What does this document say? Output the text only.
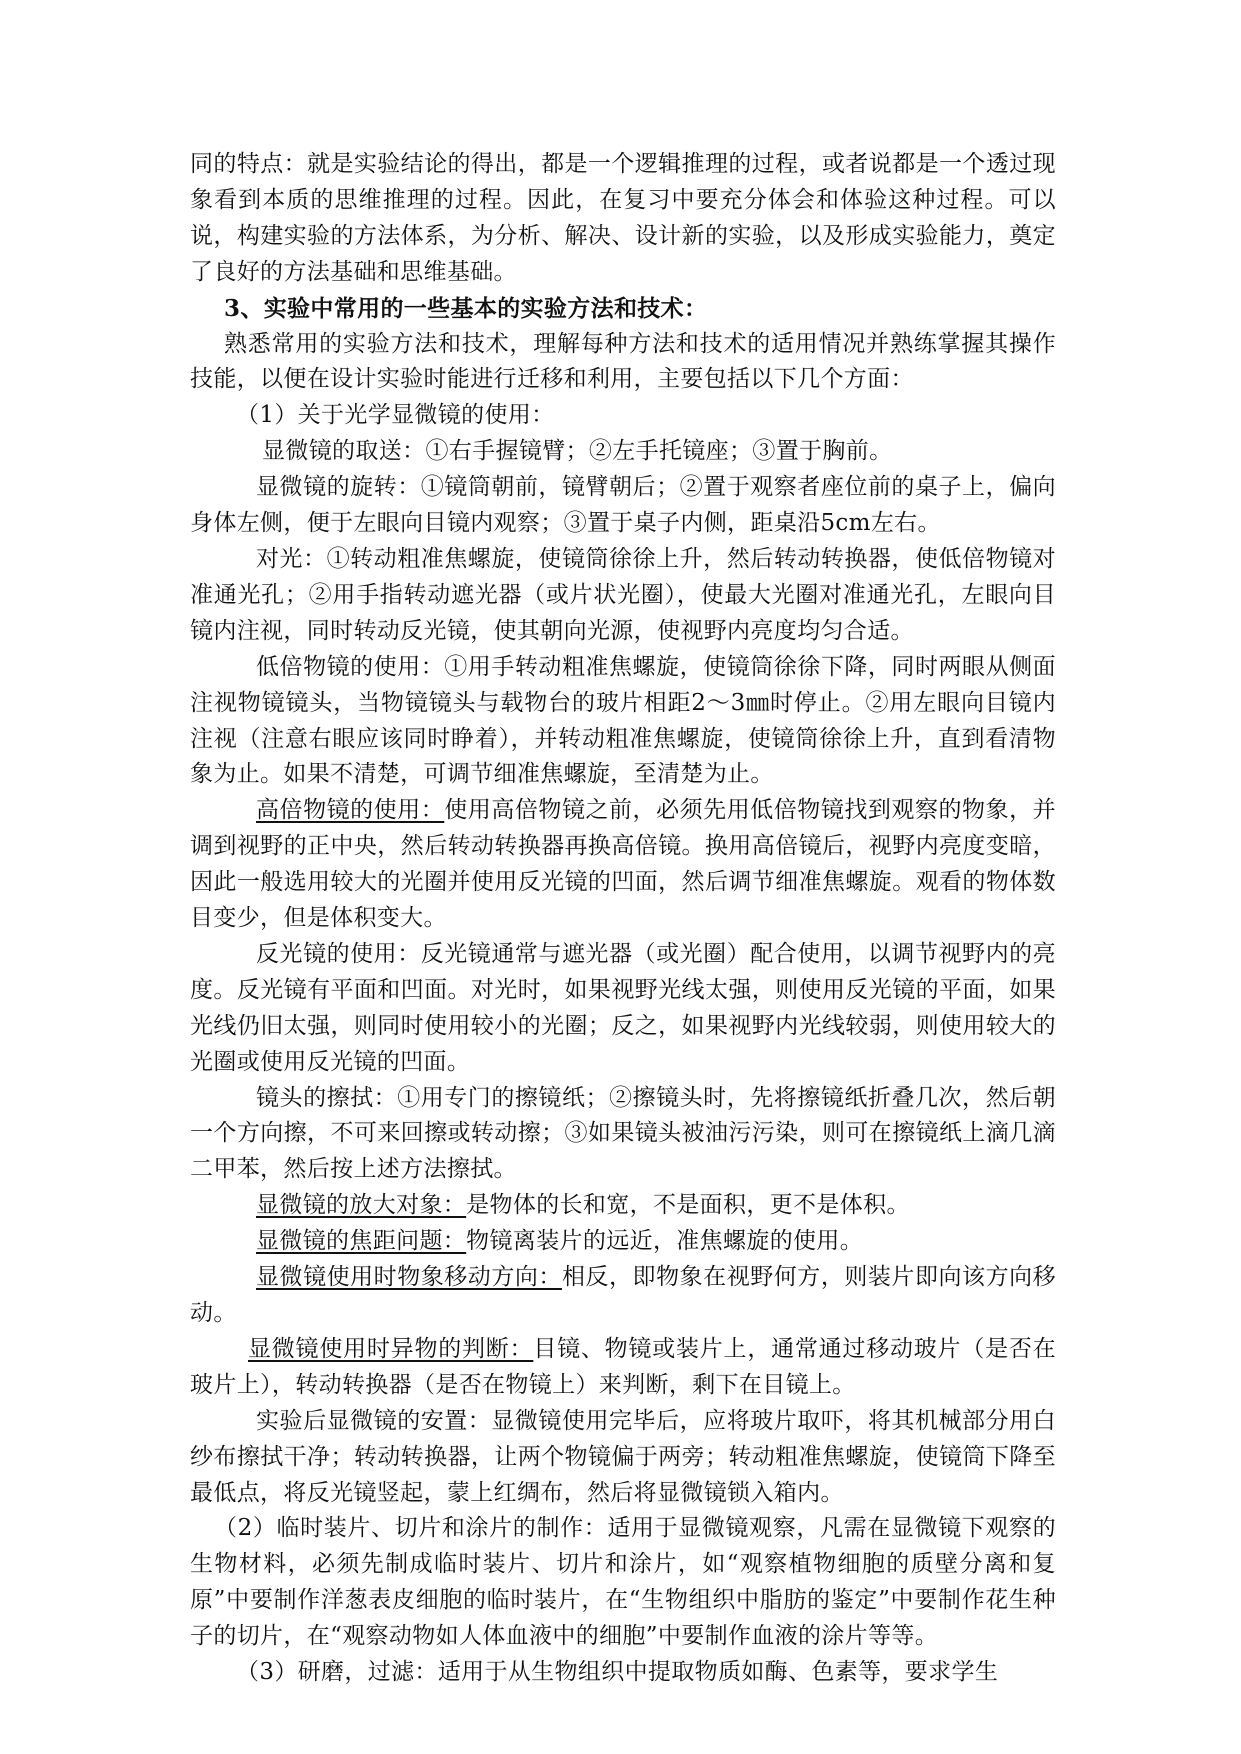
同的特点：就是实验结论的得出，都是一个逻辑推理的过程，或者说都是一个透过现象看到本质的思维推理的过程。因此，在复习中要充分体会和体验这种过程。可以说，构建实验的方法体系，为分析、解决、设计新的实验，以及形成实验能力，奠定了良好的方法基础和思维基础。

3、实验中常用的一些基本的实验方法和技术：

熟悉常用的实验方法和技术，理解每种方法和技术的适用情况并熟练掌握其操作技能，以便在设计实验时能进行迁移和利用，主要包括以下几个方面：

（1）关于光学显微镜的使用：

显微镜的取送：①右手握镜臂；②左手托镜座；③置于胸前。

显微镜的旋转：①镜筒朝前，镜臂朝后；②置于观察者座位前的桌子上，偏向身体左侧，便于左眼向目镜内观察；③置于桌子内侧，距桌沿5cm左右。

对光：①转动粗准焦螺旋，使镜筒徐徐上升，然后转动转换器，使低倍物镜对准通光孔；②用手指转动遮光器（或片状光圈），使最大光圈对准通光孔，左眼向目镜内注视，同时转动反光镜，使其朝向光源，使视野内亮度均匀合适。

低倍物镜的使用：①用手转动粗准焦螺旋，使镜筒徐徐下降，同时两眼从侧面注视物镜镜头，当物镜镜头与载物台的玻片相距2～3㎜时停止。②用左眼向目镜内注视（注意右眼应该同时睁着），并转动粗准焦螺旋，使镜筒徐徐上升，直到看清物象为止。如果不清楚，可调节细准焦螺旋，至清楚为止。

高倍物镜的使用：使用高倍物镜之前，必须先用低倍物镜找到观察的物象，并调到视野的正中央，然后转动转换器再换高倍镜。换用高倍镜后，视野内亮度变暗，因此一般选用较大的光圈并使用反光镜的凹面，然后调节细准焦螺旋。观看的物体数目变少，但是体积变大。

反光镜的使用：反光镜通常与遮光器（或光圈）配合使用，以调节视野内的亮度。反光镜有平面和凹面。对光时，如果视野光线太强，则使用反光镜的平面，如果光线仍旧太强，则同时使用较小的光圈；反之，如果视野内光线较弱，则使用较大的光圈或使用反光镜的凹面。

镜头的擦拭：①用专门的擦镜纸；②擦镜头时，先将擦镜纸折叠几次，然后朝一个方向擦，不可来回擦或转动擦；③如果镜头被油污污染，则可在擦镜纸上滴几滴二甲苯，然后按上述方法擦拭。

显微镜的放大对象：是物体的长和宽，不是面积，更不是体积。

显微镜的焦距问题：物镜离装片的远近，准焦螺旋的使用。

显微镜使用时物象移动方向：相反，即物象在视野何方，则装片即向该方向移动。

显微镜使用时异物的判断：目镜、物镜或装片上，通常通过移动玻片（是否在玻片上），转动转换器（是否在物镜上）来判断，剩下在目镜上。

实验后显微镜的安置：显微镜使用完毕后，应将玻片取吓，将其机械部分用白纱布擦拭干净；转动转换器，让两个物镜偏于两旁；转动粗准焦螺旋，使镜筒下降至最低点，将反光镜竖起，蒙上红绸布，然后将显微镜锁入箱内。

（2）临时装片、切片和涂片的制作：适用于显微镜观察，凡需在显微镜下观察的生物材料，必须先制成临时装片、切片和涂片，如“观察植物细胞的质壁分离和复原”中要制作洋葱表皮细胞的临时装片，在“生物组织中脂肪的鉴定”中要制作花生种子的切片，在“观察动物如人体血液中的细胞”中要制作血液的涂片等等。

（3）研磨，过滤：适用于从生物组织中提取物质如酶、色素等，要求学生
